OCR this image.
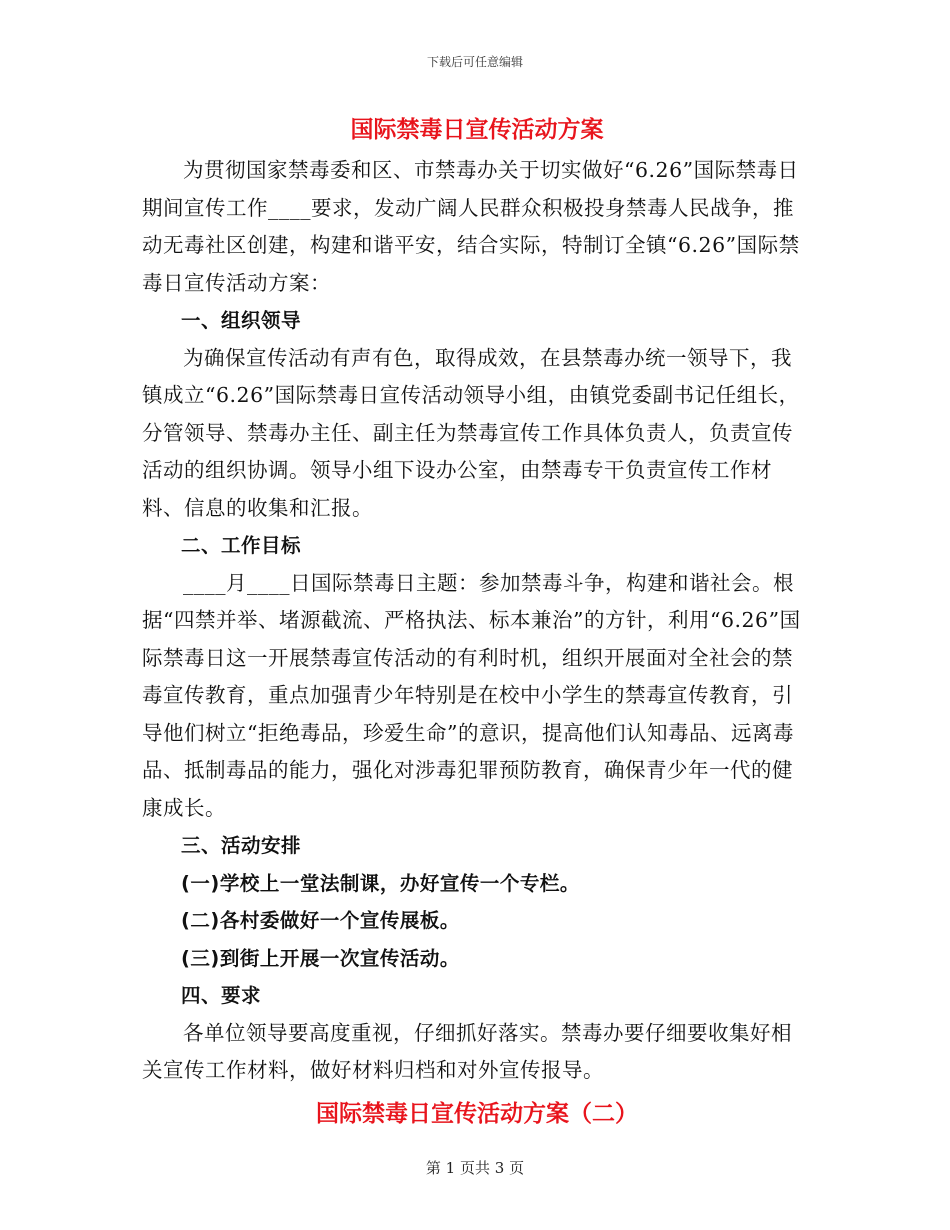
下载后可任意编辑
国际禁毒日宣传活动方案

为贯彻国家禁毒委和区、市禁毒办关于切实做好“6.26”国际禁毒日期间宣传工作____要求，发动广阔人民群众积极投身禁毒人民战争，推动无毒社区创建，构建和谐平安，结合实际，特制订全镇“6.26”国际禁毒日宣传活动方案：

一、组织领导

为确保宣传活动有声有色，取得成效，在县禁毒办统一领导下，我镇成立“6.26”国际禁毒日宣传活动领导小组，由镇党委副书记任组长，分管领导、禁毒办主任、副主任为禁毒宣传工作具体负责人，负责宣传活动的组织协调。领导小组下设办公室，由禁毒专干负责宣传工作材料、信息的收集和汇报。

二、工作目标

____月____日国际禁毒日主题：参加禁毒斗争，构建和谐社会。根据“四禁并举、堵源截流、严格执法、标本兼治”的方针，利用“6.26”国际禁毒日这一开展禁毒宣传活动的有利时机，组织开展面对全社会的禁毒宣传教育，重点加强青少年特别是在校中小学生的禁毒宣传教育，引导他们树立“拒绝毒品，珍爱生命”的意识，提高他们认知毒品、远离毒品、抵制毒品的能力，强化对涉毒犯罪预防教育，确保青少年一代的健康成长。

三、活动安排

(一)学校上一堂法制课，办好宣传一个专栏。

(二)各村委做好一个宣传展板。

(三)到街上开展一次宣传活动。

四、要求

各单位领导要高度重视，仔细抓好落实。禁毒办要仔细要收集好相关宣传工作材料，做好材料归档和对外宣传报导。

国际禁毒日宣传活动方案（二）
第 1 页共 3 页
